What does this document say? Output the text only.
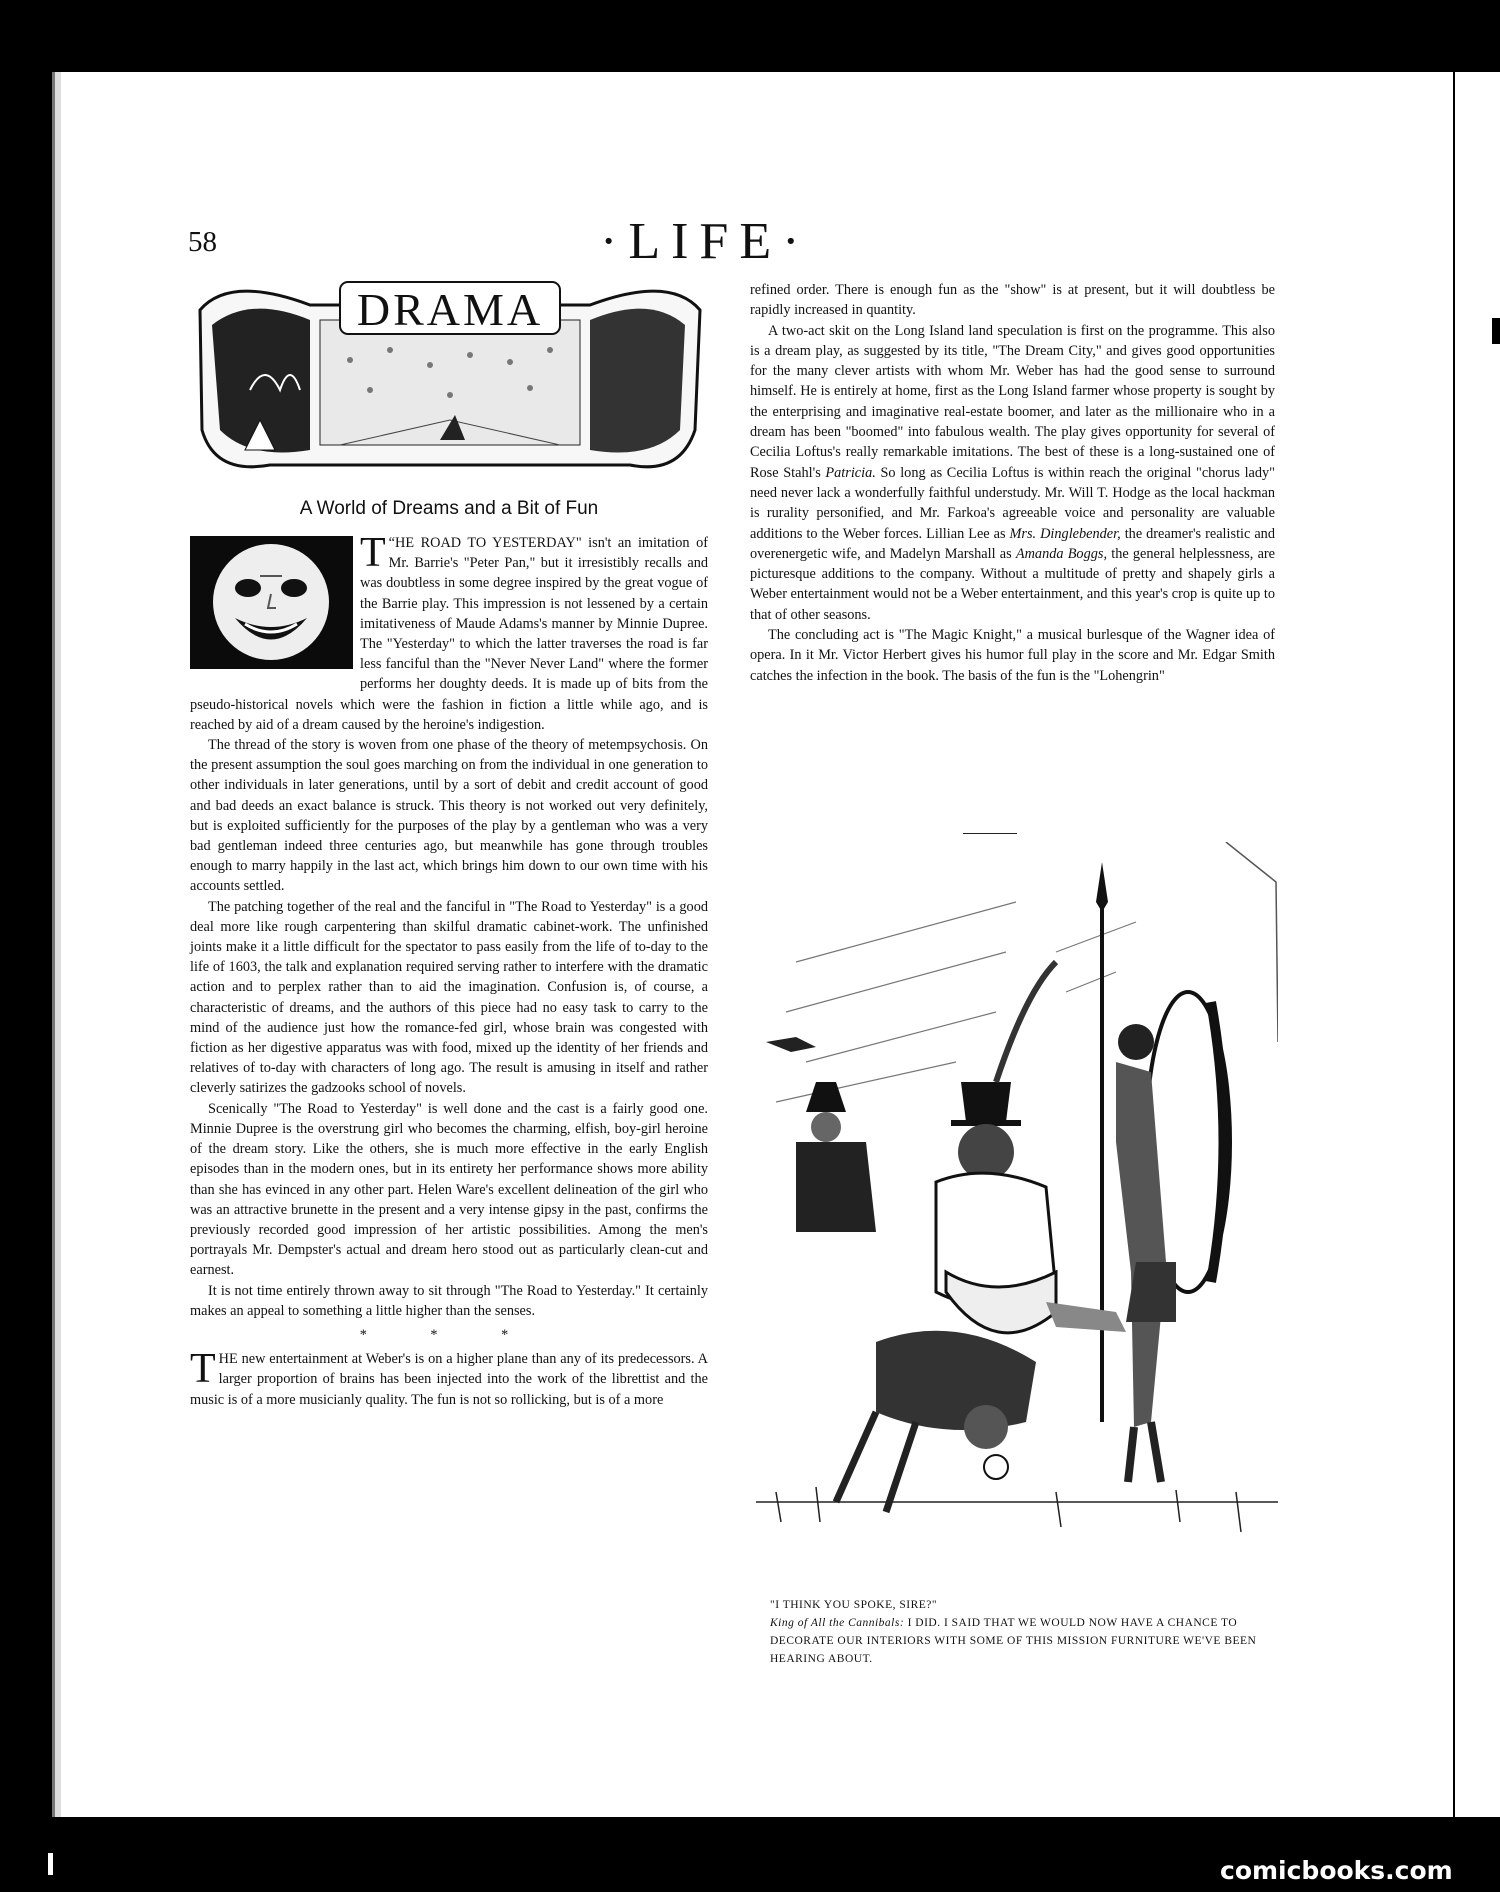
58	·LIFE·
DRAMA
A World of Dreams and a Bit of Fun

“
T HE ROAD TO YESTERDAY" isn't an imitation of Mr. Barrie's "Peter Pan," but it irresistibly recalls and was doubtless in some degree inspired by the great vogue of the Barrie play. This impression is not lessened by a certain imitativeness of Maude Adams's manner by Minnie Dupree. The "Yesterday" to which the latter traverses the road is far less fanciful than the "Never Never Land" where the former performs her doughty deeds. It is made up of bits from the pseudo-historical novels which were the fashion in fiction a little while ago, and is reached by aid of a dream caused by the heroine's indigestion.

The thread of the story is woven from one phase of the theory of metempsychosis. On the present assumption the soul goes marching on from the individual in one generation to other individuals in later generations, until by a sort of debit and credit account of good and bad deeds an exact balance is struck. This theory is not worked out very definitely, but is exploited sufficiently for the purposes of the play by a gentleman who was a very bad gentleman indeed three centuries ago, but meanwhile has gone through troubles enough to marry happily in the last act, which brings him down to our own time with his accounts settled.

The patching together of the real and the fanciful in "The Road to Yesterday" is a good deal more like rough carpentering than skilful dramatic cabinet-work. The unfinished joints make it a little difficult for the spectator to pass easily from the life of to-day to the life of 1603, the talk and explanation required serving rather to interfere with the dramatic action and to perplex rather than to aid the imagination. Confusion is, of course, a characteristic of dreams, and the authors of this piece had no easy task to carry to the mind of the audience just how the romance-fed girl, whose brain was congested with fiction as her digestive apparatus was with food, mixed up the identity of her friends and relatives of to-day with characters of long ago. The result is amusing in itself and rather cleverly satirizes the gadzooks school of novels.

Scenically "The Road to Yesterday" is well done and the cast is a fairly good one. Minnie Dupree is the overstrung girl who becomes the charming, elfish, boy-girl heroine of the dream story. Like the others, she is much more effective in the early English episodes than in the modern ones, but in its entirety her performance shows more ability than she has evinced in any other part. Helen Ware's excellent delineation of the girl who was an attractive brunette in the present and a very intense gipsy in the past, confirms the previously recorded good impression of her artistic possibilities. Among the men's portrayals Mr. Dempster's actual and dream hero stood out as particularly clean-cut and earnest.

It is not time entirely thrown away to sit through "The Road to Yesterday." It certainly makes an appeal to something a little higher than the senses.

* * *

THE new entertainment at Weber's is on a higher plane than any of its predecessors. A larger proportion of brains has been injected into the work of the librettist and the music is of a more musicianly quality. The fun is not so rollicking, but is of a more

refined order. There is enough fun as the "show" is at present, but it will doubtless be rapidly increased in quantity.

A two-act skit on the Long Island land speculation is first on the programme. This also is a dream play, as suggested by its title, "The Dream City," and gives good opportunities for the many clever artists with whom Mr. Weber has had the good sense to surround himself. He is entirely at home, first as the Long Island farmer whose property is sought by the enterprising and imaginative real-estate boomer, and later as the millionaire who in a dream has been "boomed" into fabulous wealth. The play gives opportunity for several of Cecilia Loftus's really remarkable imitations. The best of these is a long-sustained one of Rose Stahl's Patricia. So long as Cecilia Loftus is within reach the original "chorus lady" need never lack a wonderfully faithful understudy. Mr. Will T. Hodge as the local hackman is rurality personified, and Mr. Farkoa's agreeable voice and personality are valuable additions to the Weber forces. Lillian Lee as Mrs. Dinglebender, the dreamer's realistic and overenergetic wife, and Madelyn Marshall as Amanda Boggs, the general helplessness, are picturesque additions to the company. Without a multitude of pretty and shapely girls a Weber entertainment would not be a Weber entertainment, and this year's crop is quite up to that of other seasons.

The concluding act is "The Magic Knight," a musical burlesque of the Wagner idea of opera. In it Mr. Victor Herbert gives his humor full play in the score and Mr. Edgar Smith catches the infection in the book. The basis of the fun is the "Lohengrin"

"I THINK YOU SPOKE, SIRE?"
King of All the Cannibals: I DID. I SAID THAT WE WOULD NOW HAVE A CHANCE TO DECORATE OUR INTERIORS WITH SOME OF THIS MISSION FURNITURE WE'VE BEEN HEARING ABOUT.
comicbooks.com
